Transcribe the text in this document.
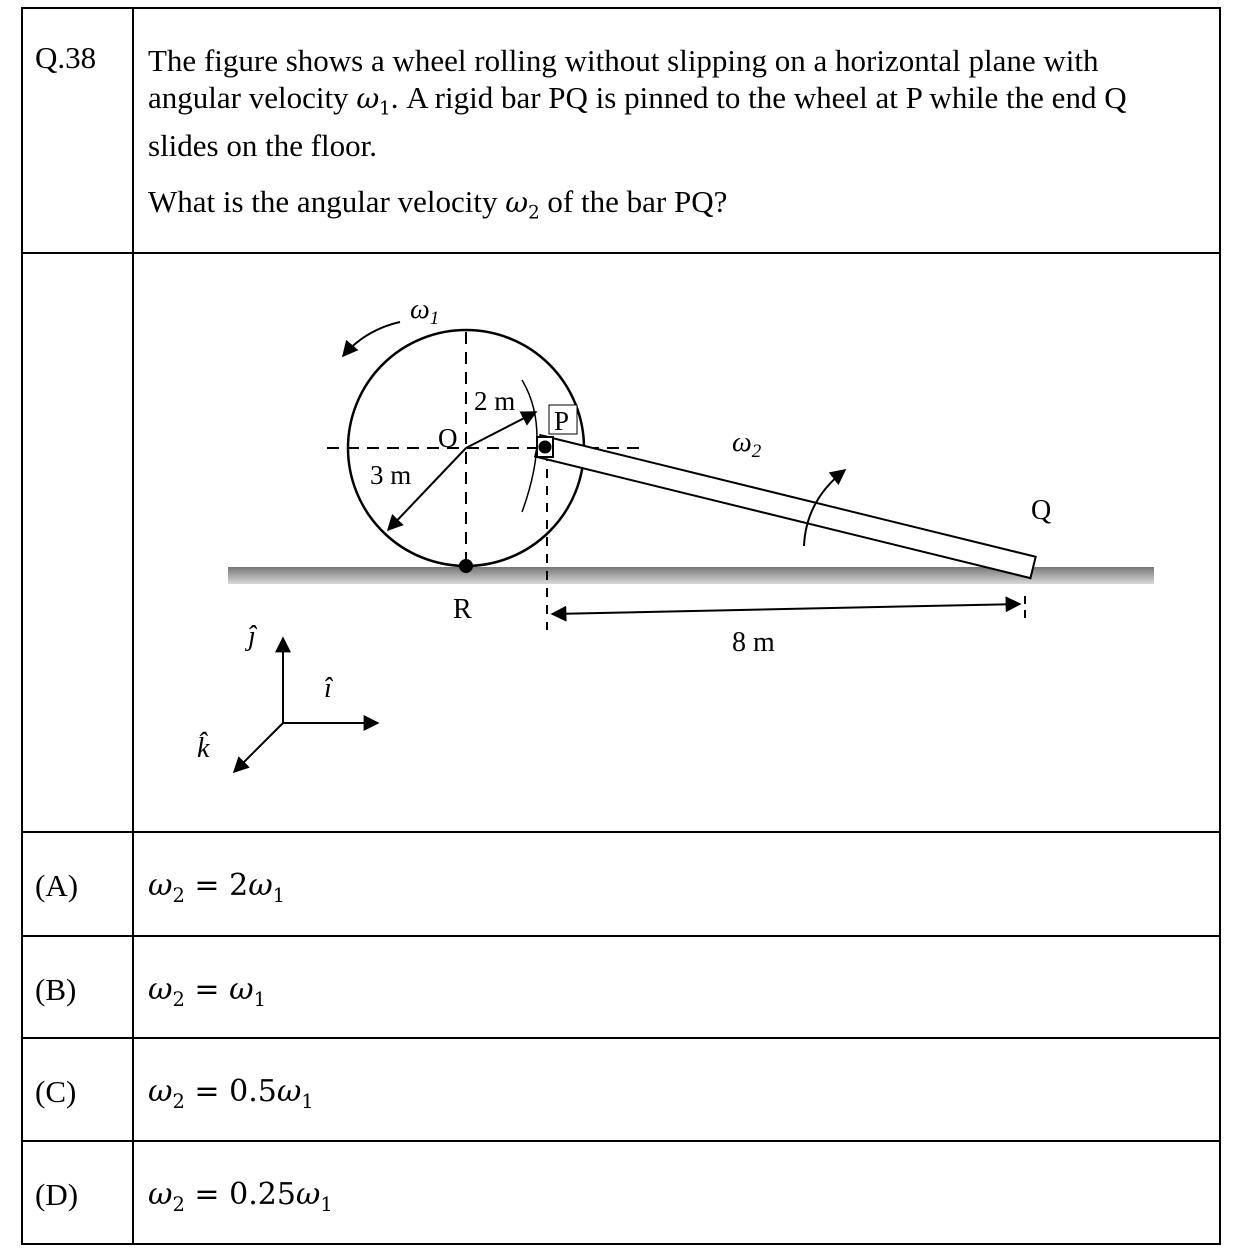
Q.38 The figure shows a wheel rolling without slipping on a horizontal plane with angular velocity $\omega_1$. A rigid bar PQ is pinned to the wheel at P while the end Q slides on the floor.

What is the angular velocity $\omega_2$ of the bar PQ?

$\omega_1$
$\omega_2$
2 m
3 m
O
P
Q
R
8 m
ĵ
î
k̂
(A) $\omega_2 = 2\omega_1$
(B) $\omega_2 = \omega_1$
(C) $\omega_2 = 0.5\omega_1$
(D) $\omega_2 = 0.25\omega_1$
